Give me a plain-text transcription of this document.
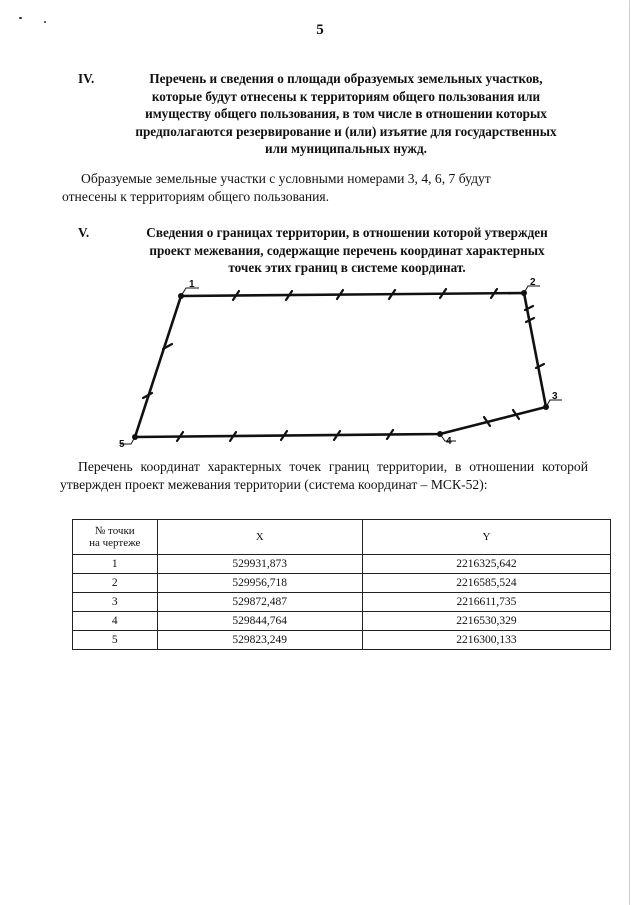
5
IV.	Перечень и сведения о площади образуемых земельных участков,
которые будут отнесены к территориям общего пользования или
имуществу общего пользования, в том числе в отношении которых
предполагаются резервирование и (или) изъятие для государственных
или муниципальных нужд.
Образуемые земельные участки с условными номерами 3, 4, 6, 7 будут
отнесены к территориям общего пользования.
V.	Сведения о границах территории, в отношении которой утвержден
проект межевания, содержащие перечень координат характерных
точек этих границ в системе координат.
1	2
3
4
5
Перечень координат характерных точек границ территории, в отношении которой утвержден проект межевания территории (система координат – МСК-52):
№ точки
на чертеже	X	Y
1	529931,873	2216325,642
2	529956,718	2216585,524
3	529872,487	2216611,735
4	529844,764	2216530,329
5	529823,249	2216300,133
